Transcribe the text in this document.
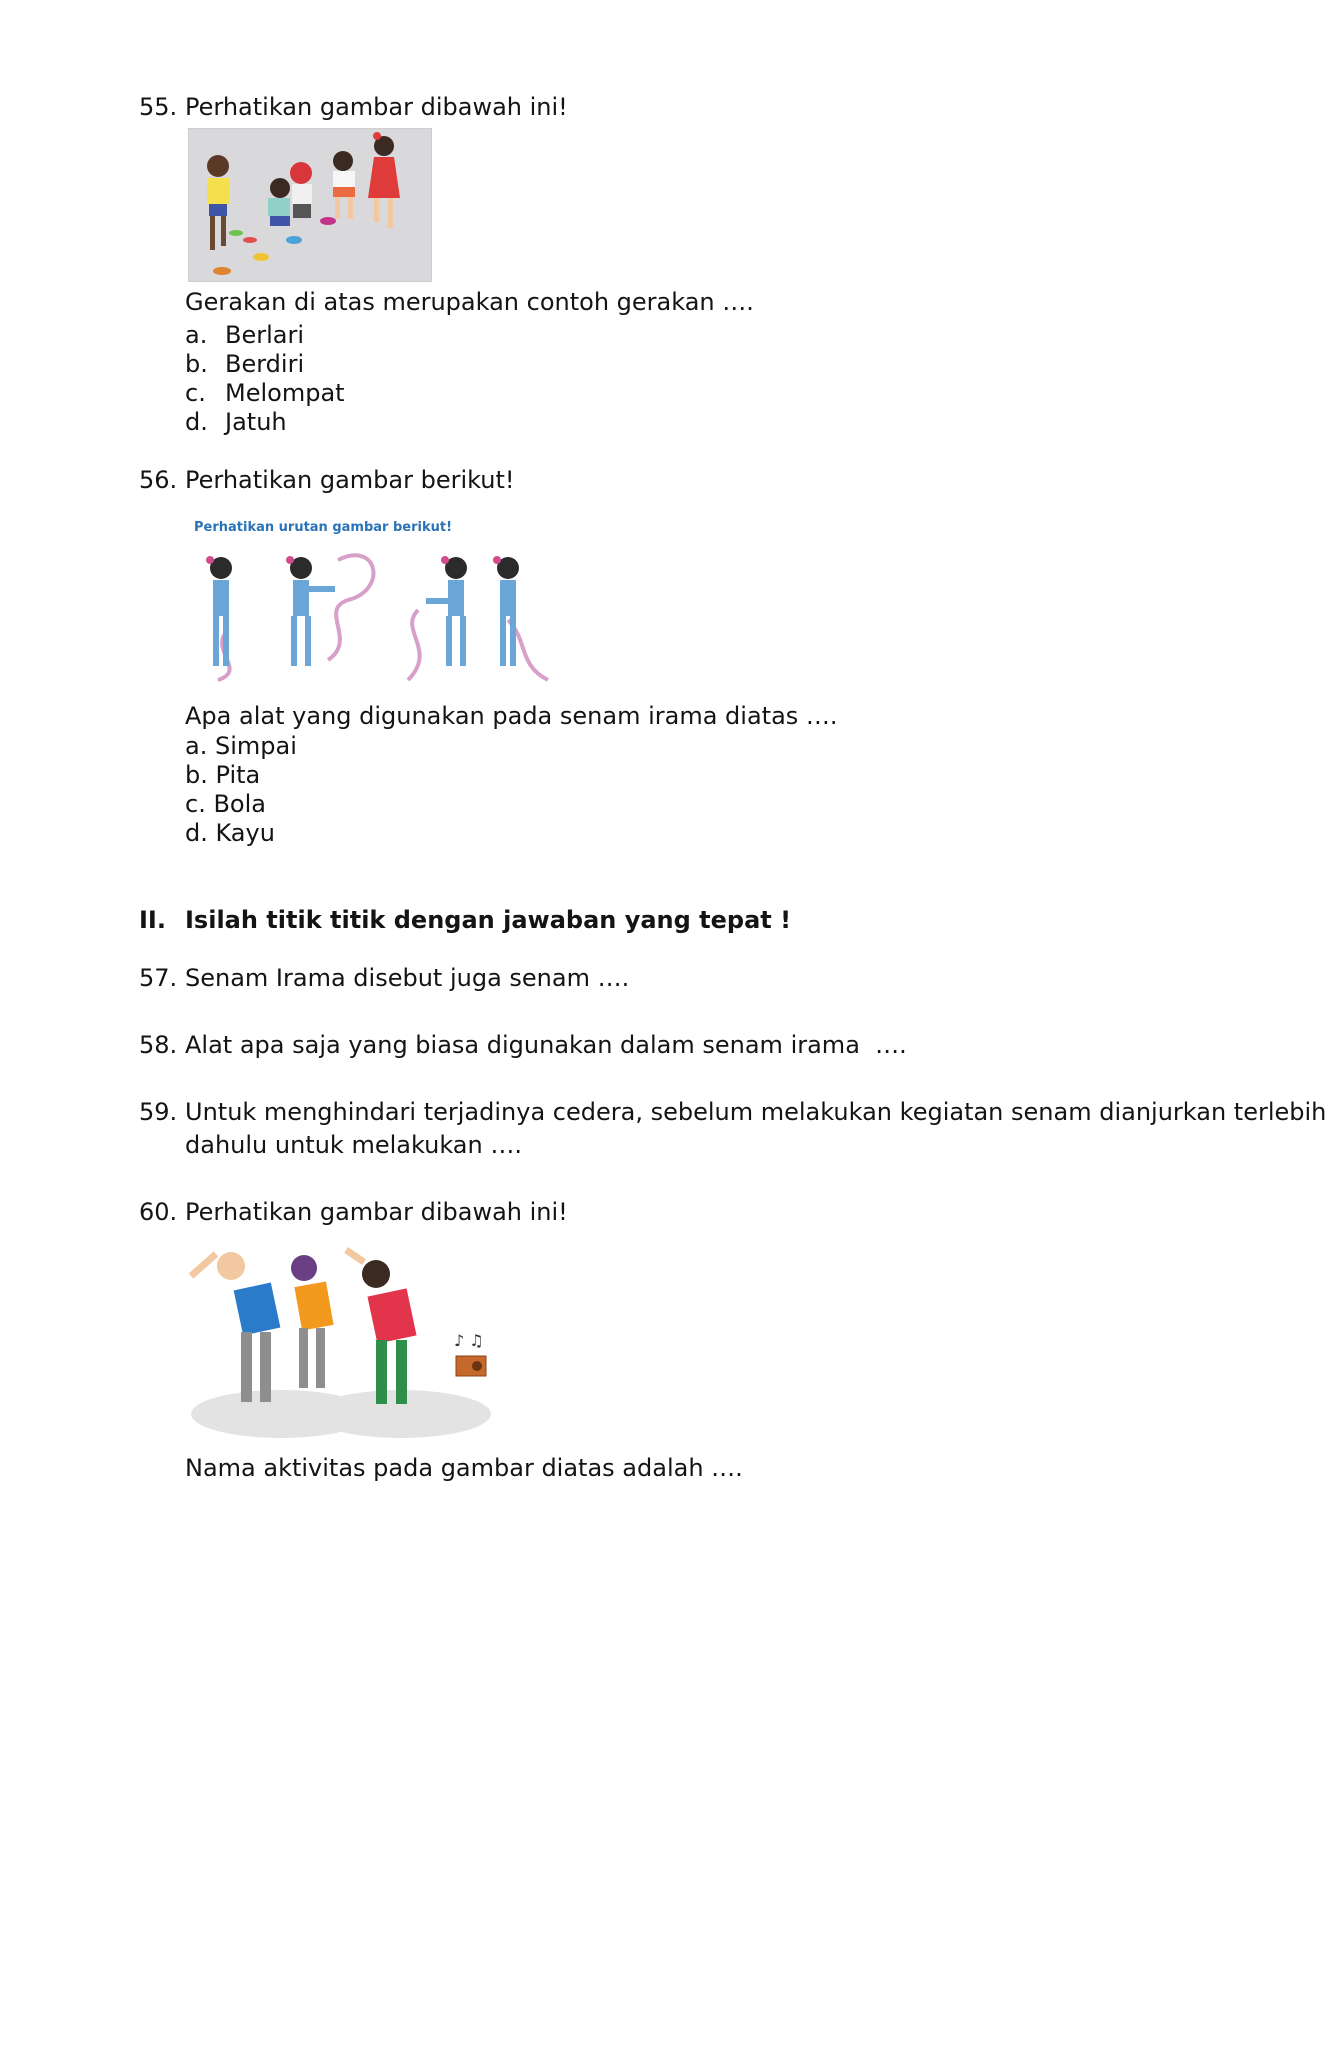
55. Perhatikan gambar dibawah ini!
Gerakan di atas merupakan contoh gerakan ….
a. Berlari
b. Berdiri
c. Melompat
d. Jatuh
56. Perhatikan gambar berikut!
Perhatikan urutan gambar berikut!
Apa alat yang digunakan pada senam irama diatas ….
a. Simpai
b. Pita
c. Bola
d. Kayu
II. Isilah titik titik dengan jawaban yang tepat !
57. Senam Irama disebut juga senam ….
58. Alat apa saja yang biasa digunakan dalam senam irama  ….
59. Untuk menghindari terjadinya cedera, sebelum melakukan kegiatan senam dianjurkan terlebih
dahulu untuk melakukan ….
60. Perhatikan gambar dibawah ini!
♪ ♫
Nama aktivitas pada gambar diatas adalah ….
